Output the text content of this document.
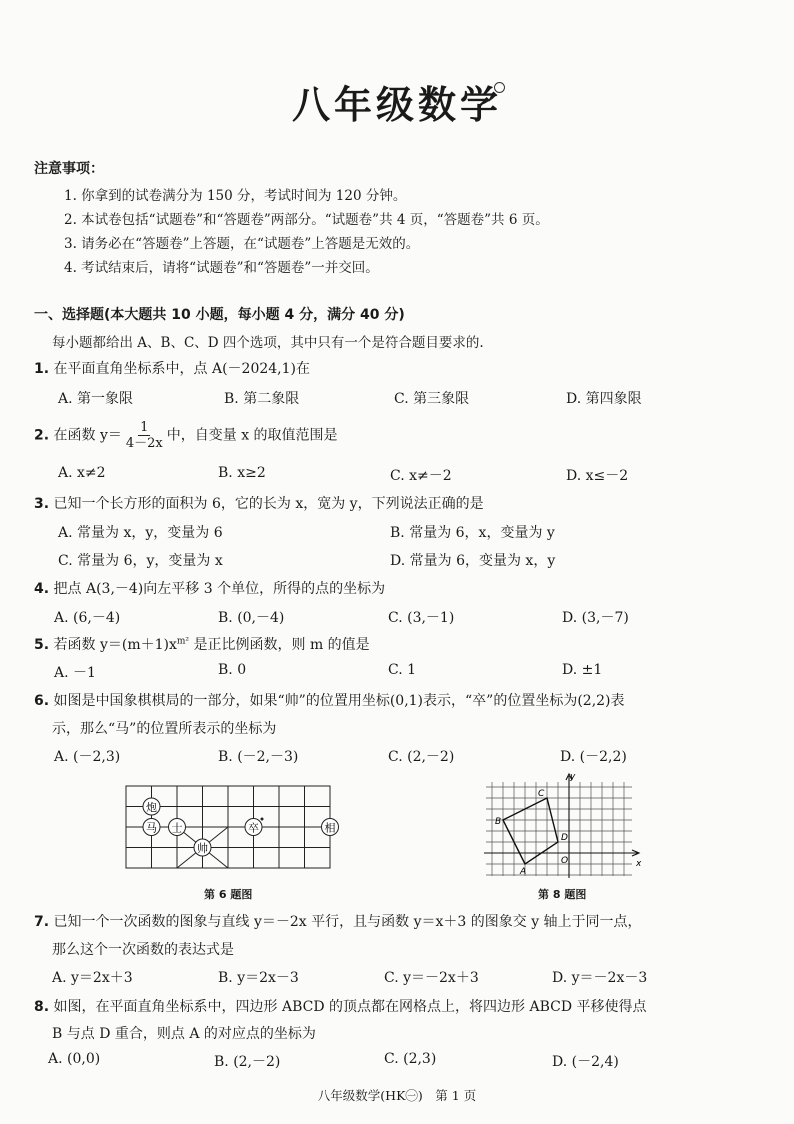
八年级数学
注意事项：
1. 你拿到的试卷满分为 150 分，考试时间为 120 分钟。
2. 本试卷包括“试题卷”和“答题卷”两部分。“试题卷”共 4 页，“答题卷”共 6 页。
3. 请务必在“答题卷”上答题，在“试题卷”上答题是无效的。
4. 考试结束后，请将“试题卷”和“答题卷”一并交回。
一、选择题(本大题共 10 小题，每小题 4 分，满分 40 分)
每小题都给出 A、B、C、D 四个选项，其中只有一个是符合题目要求的.
1. 在平面直角坐标系中，点 A(－2024,1)在
A. 第一象限	B. 第二象限	C. 第三象限	D. 第四象限
2. 在函数 $y= \frac{1}{4-2x}$ 中，自变量 x 的取值范围是
A. x≠2	B. x≥2	C. x≠－2	D. x≤－2
3. 已知一个长方形的面积为 6，它的长为 x，宽为 y，下列说法正确的是
A. 常量为 x，y，变量为 6	B. 常量为 6，x，变量为 y
C. 常量为 6，y，变量为 x	D. 常量为 6，变量为 x，y
4. 把点 A(3,－4)向左平移 3 个单位，所得的点的坐标为
A. (6,－4)	B. (0,－4)	C. (3,－1)	D. (3,－7)
5. 若函数 $y=(m+1)x^{m^2}$ 是正比例函数，则 m 的值是
A. －1	B. 0	C. 1	D. ±1
6. 如图是中国象棋棋局的一部分，如果“帅”的位置用坐标(0,1)表示，“卒”的位置坐标为(2,2)表
示，那么“马”的位置所表示的坐标为
A. (－2,3)	B. (－2,－3)	C. (2,－2)	D. (－2,2)
炮
马 士
帅
卒	相
第 6 题图
y
x
O
A
B
C
D
第 8 题图
7. 已知一个一次函数的图象与直线 y＝－2x 平行，且与函数 y＝x＋3 的图象交 y 轴上于同一点，
那么这个一次函数的表达式是
A. y＝2x＋3	B. y＝2x－3	C. y＝－2x＋3	D. y＝－2x－3
8. 如图，在平面直角坐标系中，四边形 ABCD 的顶点都在网格点上，将四边形 ABCD 平移使得点
B 与点 D 重合，则点 A 的对应点的坐标为
A. (0,0)	B. (2,－2)	C. (2,3)	D. (－2,4)
八年级数学(HK㊀)　第 1 页
